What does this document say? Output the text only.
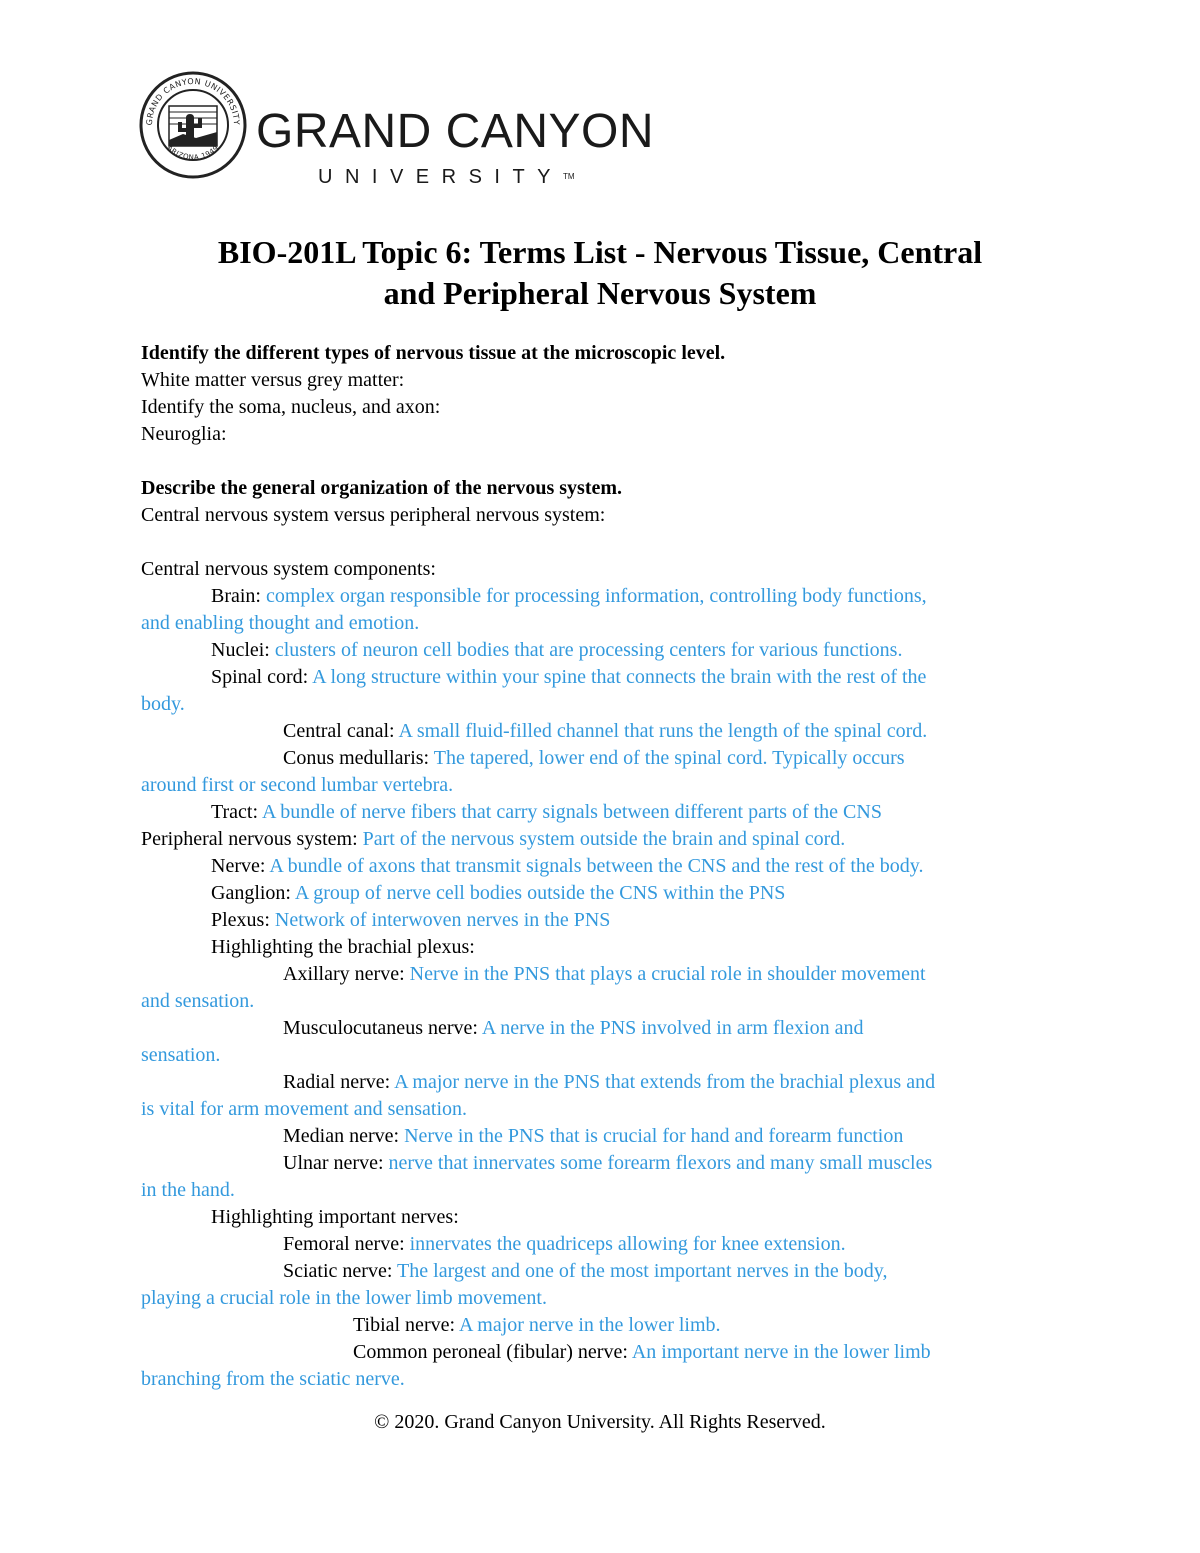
GRAND CANYON UNIVERSITY
ARIZONA 1949 GRAND CANYON
UNIVERSITY™
BIO-201L Topic 6: Terms List - Nervous Tissue, Central
and Peripheral Nervous System
Identify the different types of nervous tissue at the microscopic level.
White matter versus grey matter:
Identify the soma, nucleus, and axon:
Neuroglia:
Describe the general organization of the nervous system.
Central nervous system versus peripheral nervous system:
Central nervous system components:
Brain: complex organ responsible for processing information, controlling body functions,
and enabling thought and emotion.
Nuclei: clusters of neuron cell bodies that are processing centers for various functions.
Spinal cord: A long structure within your spine that connects the brain with the rest of the
body.
Central canal: A small fluid-filled channel that runs the length of the spinal cord.
Conus medullaris: The tapered, lower end of the spinal cord. Typically occurs
around first or second lumbar vertebra.
Tract: A bundle of nerve fibers that carry signals between different parts of the CNS
Peripheral nervous system: Part of the nervous system outside the brain and spinal cord.
Nerve: A bundle of axons that transmit signals between the CNS and the rest of the body.
Ganglion: A group of nerve cell bodies outside the CNS within the PNS
Plexus: Network of interwoven nerves in the PNS
Highlighting the brachial plexus:
Axillary nerve: Nerve in the PNS that plays a crucial role in shoulder movement
and sensation.
Musculocutaneus nerve: A nerve in the PNS involved in arm flexion and
sensation.
Radial nerve: A major nerve in the PNS that extends from the brachial plexus and
is vital for arm movement and sensation.
Median nerve: Nerve in the PNS that is crucial for hand and forearm function
Ulnar nerve: nerve that innervates some forearm flexors and many small muscles
in the hand.
Highlighting important nerves:
Femoral nerve: innervates the quadriceps allowing for knee extension.
Sciatic nerve: The largest and one of the most important nerves in the body,
playing a crucial role in the lower limb movement.
Tibial nerve: A major nerve in the lower limb.
Common peroneal (fibular) nerve: An important nerve in the lower limb
branching from the sciatic nerve.
© 2020. Grand Canyon University. All Rights Reserved.
